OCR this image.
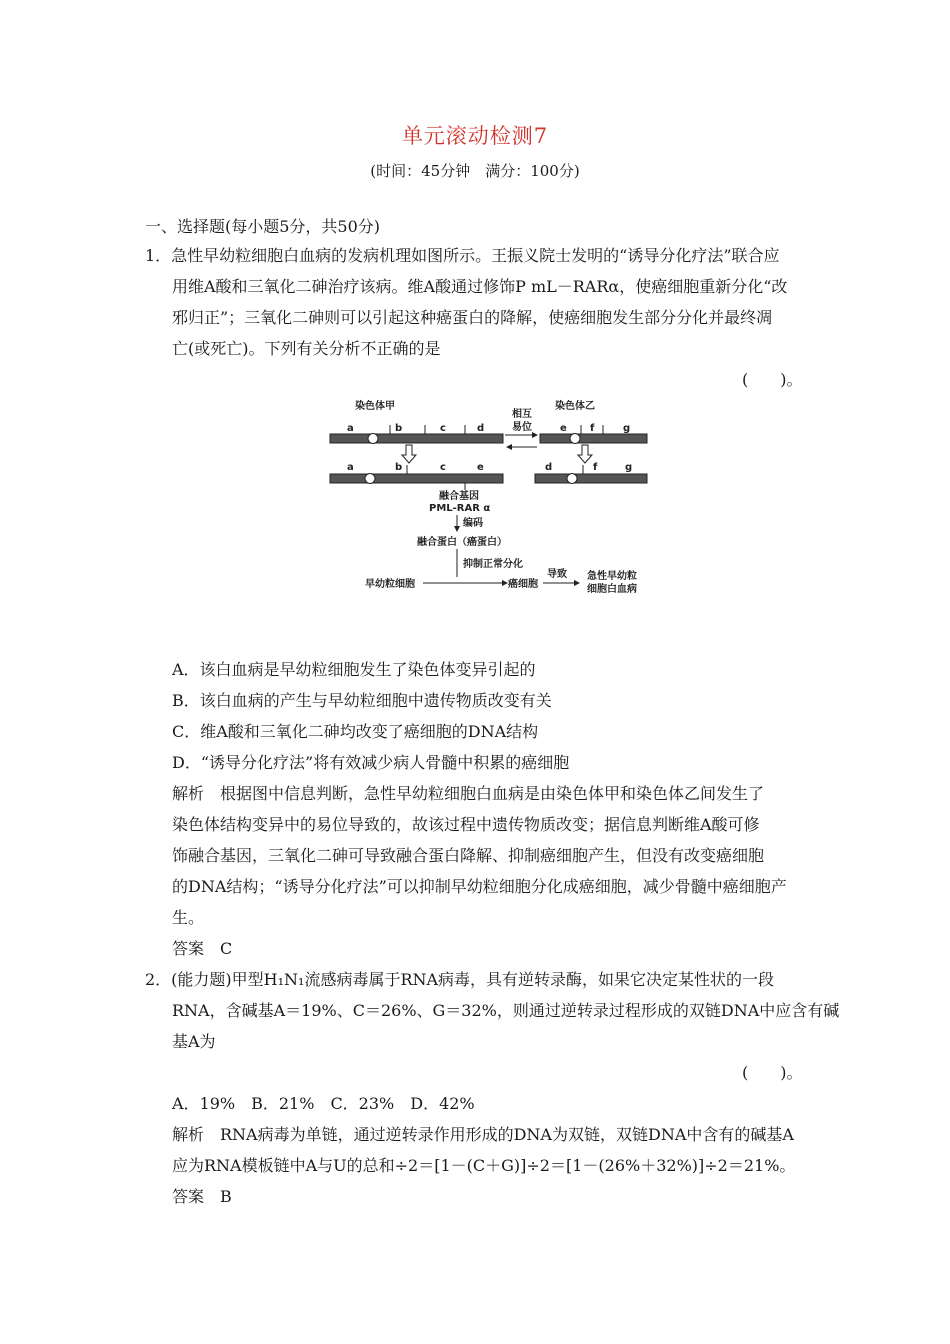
单元滚动检测7
(时间：45分钟　满分：100分)
一、选择题(每小题5分，共50分)
1．急性早幼粒细胞白血病的发病机理如图所示。王振义院士发明的“诱导分化疗法”联合应
用维A酸和三氧化二砷治疗该病。维A酸通过修饰P mL－RARα，使癌细胞重新分化“改
邪归正”；三氧化二砷则可以引起这种癌蛋白的降解，使癌细胞发生部分分化并最终凋
亡(或死亡)。下列有关分析不正确的是
(　　)。
染色体甲	染色体乙
相互
易位
a	b	c	d	e f	g
a	b	c	e	d	f	g
融合基因
PML-RAR α
编码
融合蛋白（癌蛋白）
抑制正常分化
早幼粒细胞	癌细胞
导致 急性早幼粒
细胞白血病
A．该白血病是早幼粒细胞发生了染色体变异引起的
B．该白血病的产生与早幼粒细胞中遗传物质改变有关
C．维A酸和三氧化二砷均改变了癌细胞的DNA结构
D．“诱导分化疗法”将有效减少病人骨髓中积累的癌细胞
解析　根据图中信息判断，急性早幼粒细胞白血病是由染色体甲和染色体乙间发生了
染色体结构变异中的易位导致的，故该过程中遗传物质改变；据信息判断维A酸可修
饰融合基因，三氧化二砷可导致融合蛋白降解、抑制癌细胞产生，但没有改变癌细胞
的DNA结构；“诱导分化疗法”可以抑制早幼粒细胞分化成癌细胞，减少骨髓中癌细胞产
生。
答案　C
2．(能力题)甲型H₁N₁流感病毒属于RNA病毒，具有逆转录酶，如果它决定某性状的一段
RNA，含碱基A＝19%、C＝26%、G＝32%，则通过逆转录过程形成的双链DNA中应含有碱
基A为
(　　)。
A．19%　B．21%　C．23%　D．42%
解析　RNA病毒为单链，通过逆转录作用形成的DNA为双链，双链DNA中含有的碱基A
应为RNA模板链中A与U的总和÷2＝[1－(C＋G)]÷2＝[1－(26%＋32%)]÷2＝21%。
答案　B
